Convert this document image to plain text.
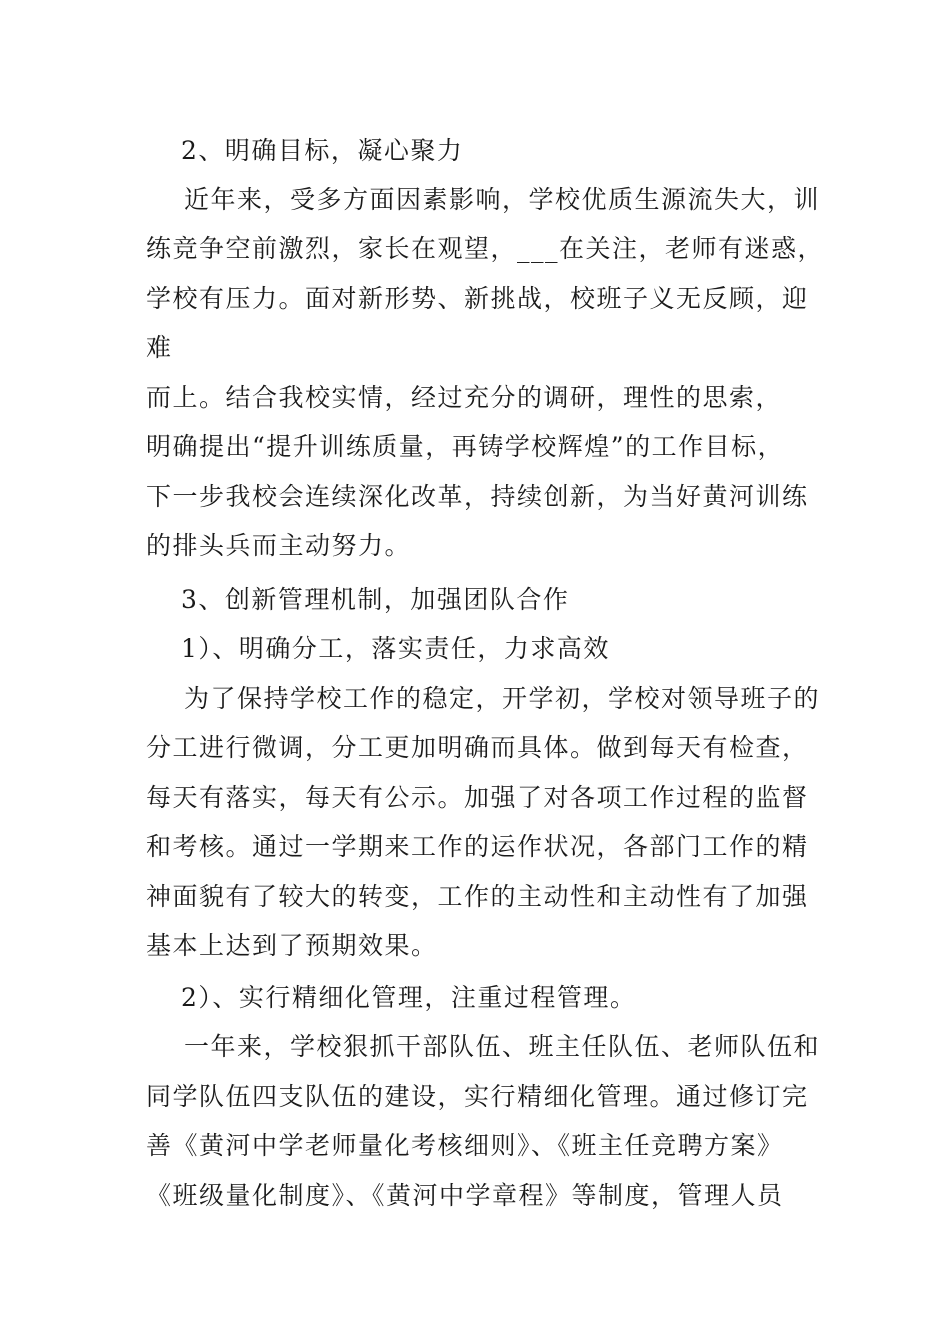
2、明确目标，凝心聚力
近年来，受多方面因素影响，学校优质生源流失大，训
练竞争空前激烈，家长在观望，___在关注，老师有迷惑，
学校有压力。面对新形势、新挑战，校班子义无反顾，迎
难
而上。结合我校实情，经过充分的调研，理性的思索，
明确提出“提升训练质量，再铸学校辉煌”的工作目标，
下一步我校会连续深化改革，持续创新，为当好黄河训练
的排头兵而主动努力。
3、创新管理机制，加强团队合作
1）、明确分工，落实责任，力求高效
为了保持学校工作的稳定，开学初，学校对领导班子的
分工进行微调，分工更加明确而具体。做到每天有检查，
每天有落实，每天有公示。加强了对各项工作过程的监督
和考核。通过一学期来工作的运作状况，各部门工作的精
神面貌有了较大的转变，工作的主动性和主动性有了加强
基本上达到了预期效果。
2）、实行精细化管理，注重过程管理。
一年来，学校狠抓干部队伍、班主任队伍、老师队伍和
同学队伍四支队伍的建设，实行精细化管理。通过修订完
善《黄河中学老师量化考核细则》、《班主任竞聘方案》
《班级量化制度》、《黄河中学章程》等制度，管理人员
